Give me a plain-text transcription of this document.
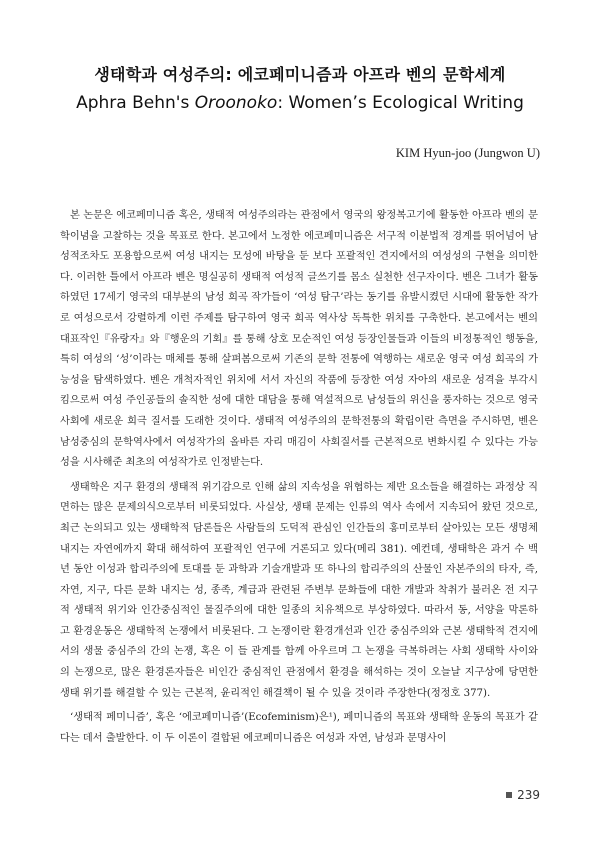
생태학과 여성주의: 에코페미니즘과 아프라 벤의 문학세계
Aphra Behn's Oroonoko: Women’s Ecological Writing
KIM Hyun-joo (Jungwon U)

본 논문은 에코페미니즘 혹은, 생태적 여성주의라는 관점에서 영국의 왕정복고기에 활동한 아프라 벤의 문학이념을 고찰하는 것을 목표로 한다. 본고에서 노정한 에코페미니즘은 서구적 이분법적 경계를 뛰어넘어 남성적조차도 포용함으로써 여성 내지는 모성에 바탕을 둔 보다 포괄적인 견지에서의 여성성의 구현을 의미한다. 이러한 틀에서 아프라 벤은 명실공히 생태적 여성적 글쓰기를 몸소 실천한 선구자이다. 벤은 그녀가 활동하였던 17세기 영국의 대부분의 남성 희곡 작가들이 ‘여성 탐구’라는 동기를 유발시켰던 시대에 활동한 작가로 여성으로서 강렬하게 이런 주제를 탐구하여 영국 희곡 역사상 독특한 위치를 구축한다. 본고에서는 벤의 대표작인『유랑자』와『행운의 기회』를 통해 상호 모순적인 여성 등장인물들과 이들의 비정통적인 행동을, 특히 여성의 ‘성’이라는 매체를 통해 살펴봄으로써 기존의 문학 전통에 역행하는 새로운 영국 여성 희곡의 가능성을 탐색하였다. 벤은 개척자적인 위치에 서서 자신의 작품에 등장한 여성 자아의 새로운 성격을 부각시킴으로써 여성 주인공들의 솔직한 성에 대한 대담을 통해 역설적으로 남성들의 위신을 풍자하는 것으로 영국사회에 새로운 희극 질서를 도래한 것이다. 생태적 여성주의의 문학전통의 확립이란 측면을 주시하면, 벤은 남성중심의 문학역사에서 여성작가의 올바른 자리 매김이 사회질서를 근본적으로 변화시킬 수 있다는 가능성을 시사해준 최초의 여성작가로 인정받는다.

생태학은 지구 환경의 생태적 위기감으로 인해 삶의 지속성을 위협하는 제반 요소들을 해결하는 과정상 직면하는 많은 문제의식으로부터 비롯되었다. 사실상, 생태 문제는 인류의 역사 속에서 지속되어 왔던 것으로, 최근 논의되고 있는 생태학적 담론들은 사람들의 도덕적 관심인 인간들의 홍미로부터 살아있는 모든 생명체 내지는 자연에까지 확대 해석하여 포괄적인 연구에 거론되고 있다(메리 381). 예컨데, 생태학은 과거 수 백년 동안 이성과 합리주의에 토대를 둔 과학과 기술개발과 또 하나의 합리주의의 산물인 자본주의의 타자, 즉, 자연, 지구, 다른 문화 내지는 성, 종족, 계급과 관련된 주변부 문화들에 대한 개발과 착취가 불러온 전 지구적 생태적 위기와 인간중심적인 물질주의에 대한 일종의 치유책으로 부상하였다. 따라서 동, 서양을 막론하고 환경운동은 생태학적 논쟁에서 비롯된다. 그 논쟁이란 환경개선과 인간 중심주의와 근본 생태학적 견지에서의 생물 중심주의 간의 논쟁, 혹은 이 들 관계를 함께 아우르며 그 논쟁을 극복하려는 사회 생태학 사이와의 논쟁으로, 많은 환경론자들은 비인간 중심적인 관점에서 환경을 해석하는 것이 오늘날 지구상에 당면한 생태 위기를 해결할 수 있는 근본적, 윤리적인 해결책이 될 수 있을 것이라 주장한다(정정호 377).

‘생태적 페미니즘’, 혹은 ‘에코페미니즘’(Ecofeminism)은¹), 페미니즘의 목표와 생태학 운동의 목표가 같다는 데서 출발한다. 이 두 이론이 결합된 에코페미니즘은 여성과 자연, 남성과 문명사이

239
